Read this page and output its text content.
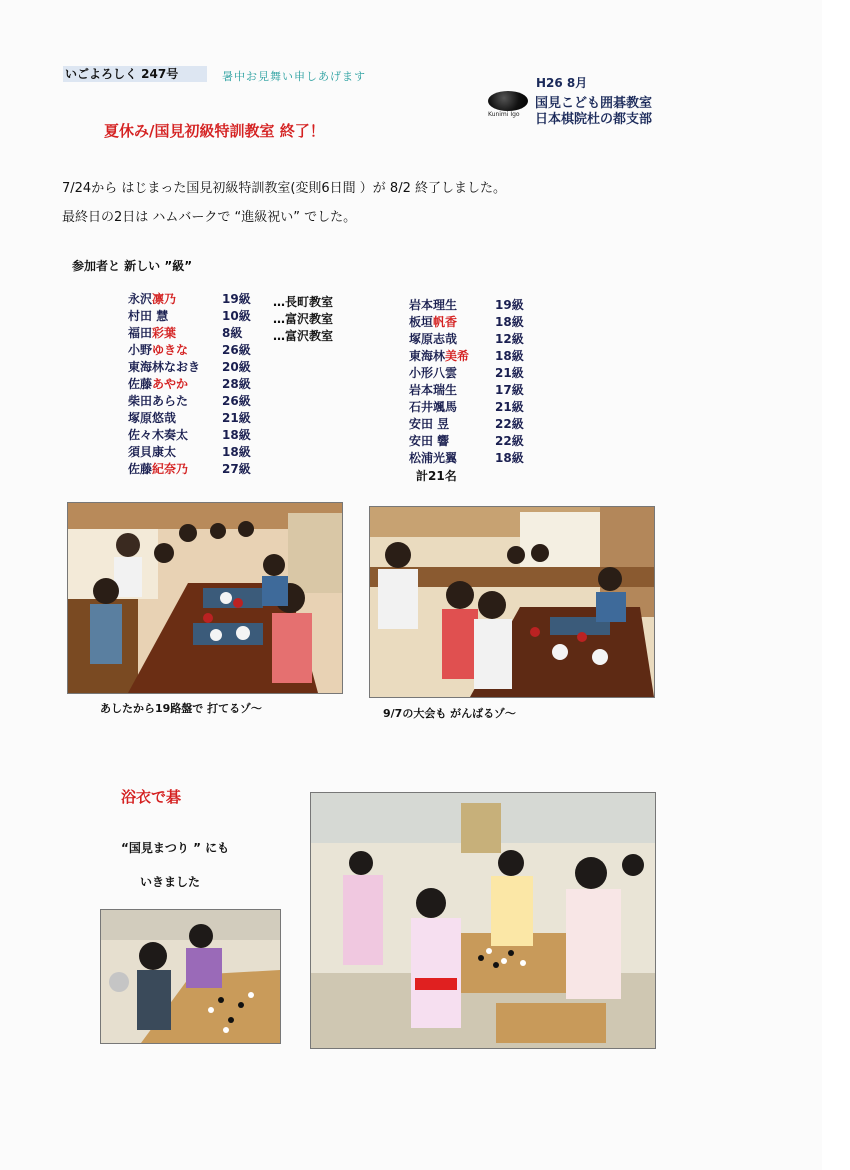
いごよろしく 247号	暑中お見舞い申しあげます
Kunimi Igo
H26 8月
国見こども囲碁教室
日本棋院杜の都支部
夏休み/国見初級特訓教室 終了！
7/24から はじまった国見初級特訓教室(変則6日間 ）が 8/2 終了しました。
最終日の2日は ハムバークで “進級祝い” でした。
参加者と 新しい ”級”
永沢凛乃	19級
村田 慧	10級
福田彩葉	8級
小野ゆきな	26級
東海林なおき 20級
佐藤あやか	28級
柴田あらた	26級
塚原悠哉	21級
佐々木奏太	18級
須貝康太	18級
佐藤紀奈乃	27級
岩本理生	19級
板垣帆香	18級
塚原志哉	12級
東海林美希 18級
小形八雲	21級
岩本瑞生	17級
石井颯馬	21級
安田 昱	22級
安田 響	22級
松浦光翼	18級
…長町教室
…富沢教室
…富沢教室
計21名
あしたから19路盤で 打てるゾ～	9/7の大会も がんばるゾ～
浴衣で碁
“国見まつり ” にも
いきました
